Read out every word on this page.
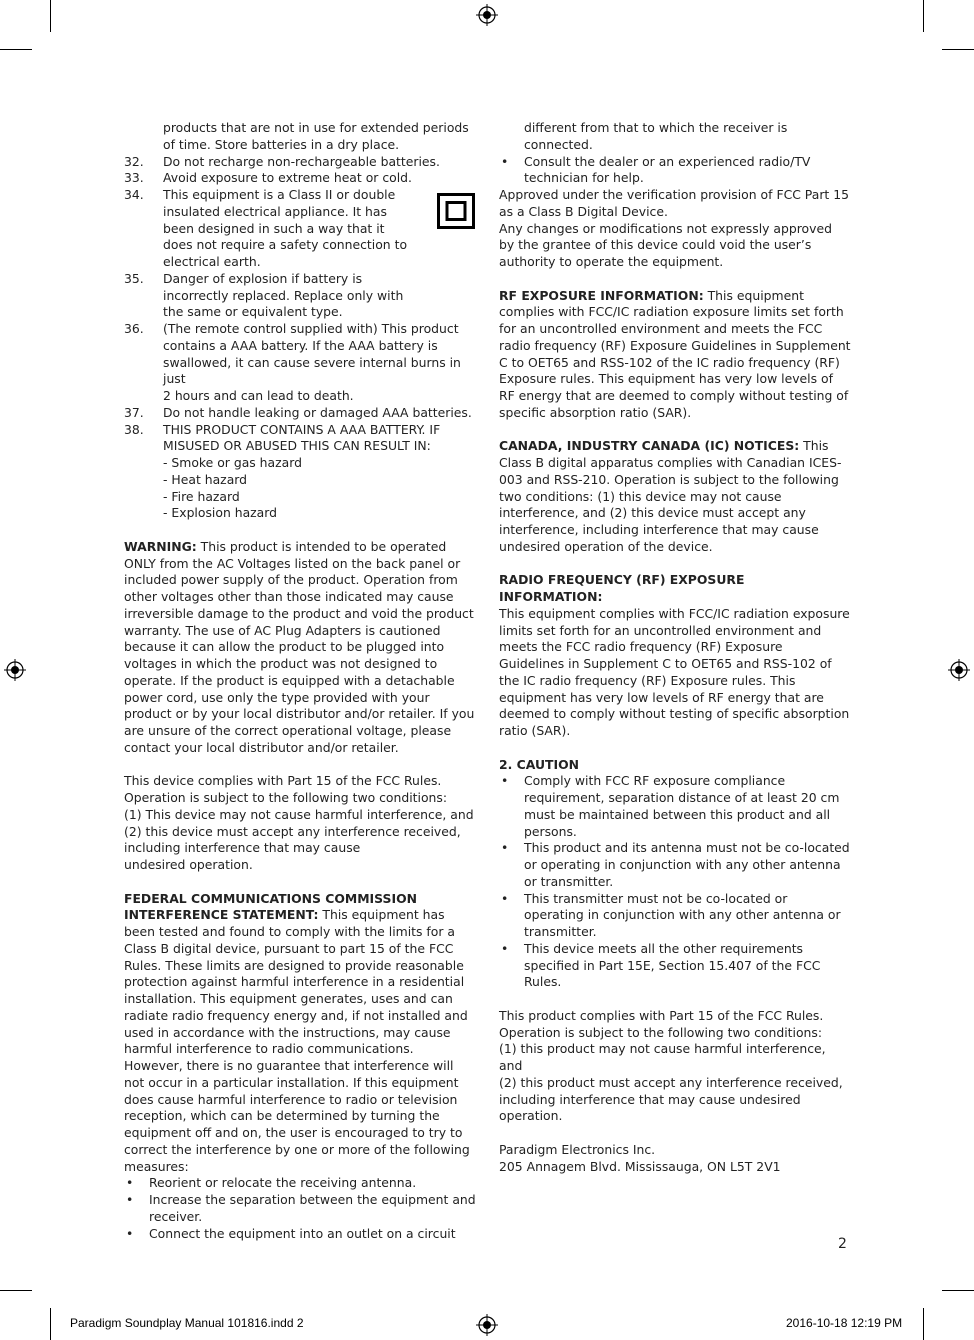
products that are not in use for extended periods of time. Store batteries in a dry place.

32. Do not recharge non-rechargeable batteries.
33. Avoid exposure to extreme heat or cold.
34. This equipment is a Class II or double insulated electrical appliance. It has been designed in such a way that it does not require a safety connection to electrical earth.
35. Danger of explosion if battery is incorrectly replaced. Replace only with the same or equivalent type.
36. (The remote control supplied with) This product contains a AAA battery. If the AAA battery is swallowed, it can cause severe internal burns in just
2 hours and can lead to death.
37. Do not handle leaking or damaged AAA batteries.
38. THIS PRODUCT CONTAINS A AAA BATTERY. IF MISUSED OR ABUSED THIS CAN RESULT IN:
- Smoke or gas hazard
- Heat hazard
- Fire hazard
- Explosion hazard

WARNING: This product is intended to be operated ONLY from the AC Voltages listed on the back panel or included power supply of the product. Operation from other voltages other than those indicated may cause irreversible damage to the product and void the product warranty. The use of AC Plug Adapters is cautioned because it can allow the product to be plugged into voltages in which the product was not designed to operate. If the product is equipped with a detachable power cord, use only the type provided with your product or by your local distributor and/or retailer. If you are unsure of the correct operational voltage, please contact your local distributor and/or retailer.

This device complies with Part 15 of the FCC Rules.
Operation is subject to the following two conditions:
(1) This device may not cause harmful interference, and (2) this device must accept any interference received, including interference that may cause
undesired operation.

FEDERAL COMMUNICATIONS COMMISSION INTERFERENCE STATEMENT: This equipment has been tested and found to comply with the limits for a Class B digital device, pursuant to part 15 of the FCC Rules. These limits are designed to provide reasonable protection against harmful interference in a residential installation. This equipment generates, uses and can radiate radio frequency energy and, if not installed and used in accordance with the instructions, may cause harmful interference to radio communications. However, there is no guarantee that interference will not occur in a particular installation. If this equipment does cause harmful interference to radio or television reception, which can be determined by turning the equipment off and on, the user is encouraged to try to correct the interference by one or more of the following measures:

• Reorient or relocate the receiving antenna.
• Increase the separation between the equipment and receiver.
• Connect the equipment into an outlet on a circuit

different from that to which the receiver is connected.

• Consult the dealer or an experienced radio/TV technician for help.

Approved under the verification provision of FCC Part 15 as a Class B Digital Device.

Any changes or modifications not expressly approved by the grantee of this device could void the user’s authority to operate the equipment.

RF EXPOSURE INFORMATION: This equipment complies with FCC/IC radiation exposure limits set forth for an uncontrolled environment and meets the FCC radio frequency (RF) Exposure Guidelines in Supplement C to OET65 and RSS-102 of the IC radio frequency (RF) Exposure rules. This equipment has very low levels of

RF energy that are deemed to comply without testing of specific absorption ratio (SAR).

CANADA, INDUSTRY CANADA (IC) NOTICES: This Class B digital apparatus complies with Canadian ICES-003 and RSS-210. Operation is subject to the following two conditions: (1) this device may not cause interference, and (2) this device must accept any interference, including interference that may cause undesired operation of the device.

RADIO FREQUENCY (RF) EXPOSURE INFORMATION:

This equipment complies with FCC/IC radiation exposure limits set forth for an uncontrolled environment and meets the FCC radio frequency (RF) Exposure Guidelines in Supplement C to OET65 and RSS-102 of the IC radio frequency (RF) Exposure rules. This equipment has very low levels of RF energy that are deemed to comply without testing of specific absorption ratio (SAR).

2. CAUTION

• Comply with FCC RF exposure compliance requirement, separation distance of at least 20 cm must be maintained between this product and all persons.
• This product and its antenna must not be co-located or operating in conjunction with any other antenna or transmitter.
• This transmitter must not be co-located or operating in conjunction with any other antenna or transmitter.
• This device meets all the other requirements specified in Part 15E, Section 15.407 of the FCC Rules.

This product complies with Part 15 of the FCC Rules.
Operation is subject to the following two conditions:
(1) this product may not cause harmful interference, and
(2) this product must accept any interference received, including interference that may cause undesired operation.

Paradigm Electronics Inc.

205 Annagem Blvd. Mississauga, ON L5T 2V1

2
Paradigm Soundplay Manual 101816.indd 2	2016-10-18 12:19 PM
